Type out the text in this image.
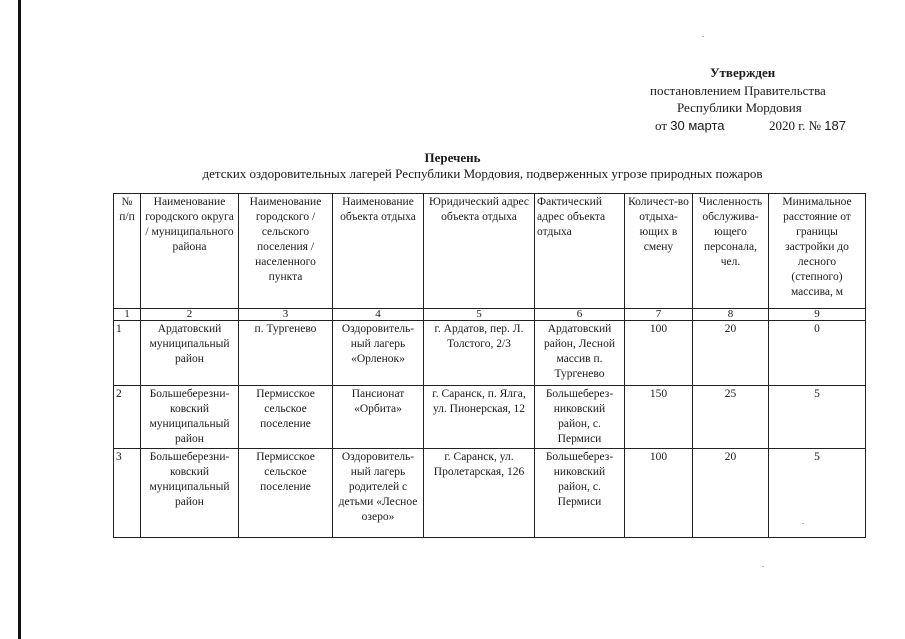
Утвержден
постановлением Правительства
Республики Мордовия
от 30 марта	2020 г. № 187
Перечень
детских оздоровительных лагерей Республики Мордовия, подверженных угрозе природных пожаров
№ п/п	Наименование городского округа / муниципального района	Наименование городского / сельского поселения / населенного пункта	Наименование объекта отдыха	Юридический адрес объекта отдыха	Фактический адрес объекта отдыха	Количест-во отдыха-ющих в смену	Численность обслужива-ющего персонала, чел.	Минимальное расстояние от границы застройки до лесного (степного) массива, м
1	2	3	4	5	6	7	8	9
1	Ардатовский муниципальный район	п. Тургенево	Оздоровитель-ный лагерь «Орленок»	г. Ардатов, пер. Л. Толстого, 2/3	Ардатовский район, Лесной массив п. Тургенево	100	20	0
2	Большеберезни-ковский муниципальный район	Пермисское сельское поселение	Пансионат «Орбита»	г. Саранск, п. Ялга, ул. Пионерская, 12	Большеберез-никовский район, с. Пермиси	150	25	5
3	Большеберезни-ковский муниципальный район	Пермисское сельское поселение	Оздоровитель-ный лагерь родителей с детьми «Лесное озеро»	г. Саранск, ул. Пролетарская, 126	Большеберез-никовский район, с. Пермиси	100	20	5
